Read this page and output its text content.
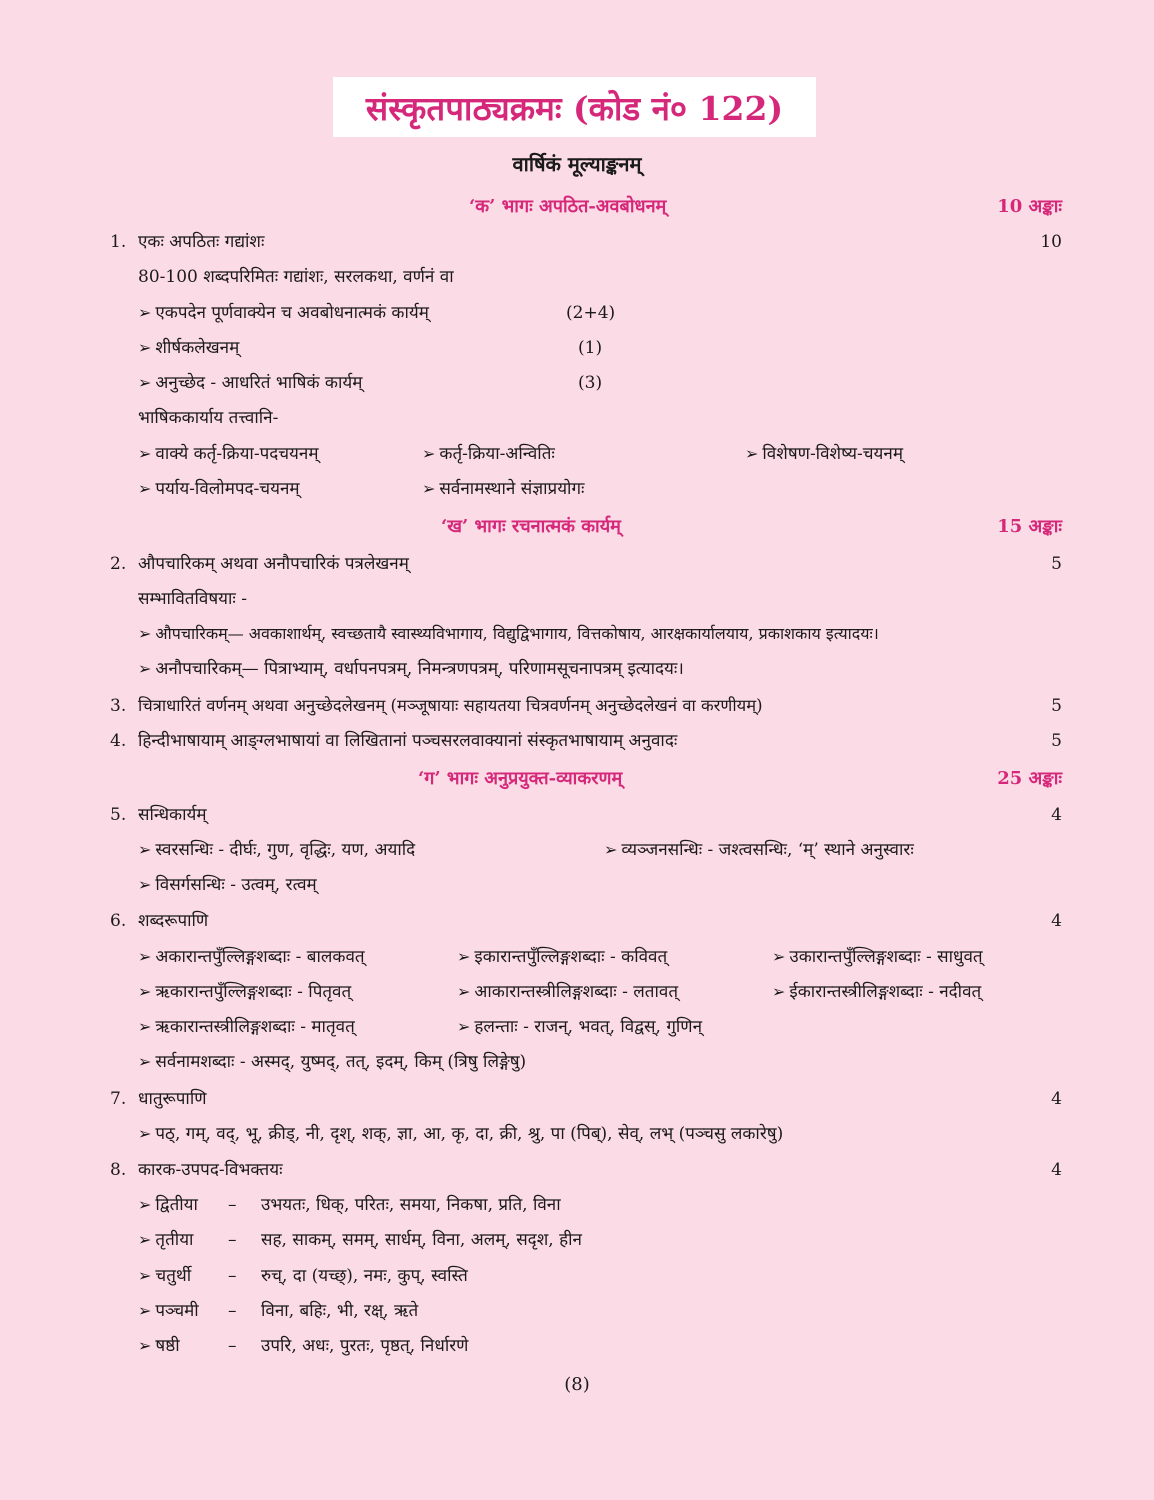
संस्कृतपाठ्यक्रमः (कोड नं० 122)
वार्षिकं मूल्याङ्कनम्
‘क’ भागः अपठित-अवबोधनम्	10 अङ्काः
1. एकः अपठितः गद्यांशः	10
80-100 शब्दपरिमितः गद्यांशः, सरलकथा, वर्णनं वा
➢ एकपदेन पूर्णवाक्येन च अवबोधनात्मकं कार्यम्	(2+4)
➢ शीर्षकलेखनम्	(1)
➢ अनुच्छेद - आधरितं भाषिकं कार्यम्	(3)
भाषिककार्याय तत्त्वानि-
➢ वाक्ये कर्तृ-क्रिया-पदचयनम्	➢ कर्तृ-क्रिया-अन्वितिः	➢ विशेषण-विशेष्य-चयनम्
➢ पर्याय-विलोमपद-चयनम्	➢ सर्वनामस्थाने संज्ञाप्रयोगः
‘ख’ भागः रचनात्मकं कार्यम्	15 अङ्काः
2. औपचारिकम् अथवा अनौपचारिकं पत्रलेखनम्	5
सम्भावितविषयाः -
➢ औपचारिकम्— अवकाशार्थम्, स्वच्छतायै स्वास्थ्यविभागाय, विद्युद्विभागाय, वित्तकोषाय, आरक्षकार्यालयाय, प्रकाशकाय इत्यादयः।
➢ अनौपचारिकम्— पित्राभ्याम्, वर्धापनपत्रम्, निमन्त्रणपत्रम्, परिणामसूचनापत्रम् इत्यादयः।
3. चित्राधारितं वर्णनम् अथवा अनुच्छेदलेखनम् (मञ्जूषायाः सहायतया चित्रवर्णनम् अनुच्छेदलेखनं वा करणीयम्)	5
4. हिन्दीभाषायाम् आङ्ग्लभाषायां वा लिखितानां पञ्चसरलवाक्यानां संस्कृतभाषायाम् अनुवादः	5
‘ग’ भागः अनुप्रयुक्त-व्याकरणम्	25 अङ्काः
5. सन्धिकार्यम्	4
➢ स्वरसन्धिः - दीर्घः, गुण, वृद्धिः, यण, अयादि	➢ व्यञ्जनसन्धिः - जश्त्वसन्धिः, ‘म्’ स्थाने अनुस्वारः
➢ विसर्गसन्धिः - उत्वम्, रत्वम्
6. शब्दरूपाणि	4
➢ अकारान्तपुँल्लिङ्गशब्दाः - बालकवत्	➢ इकारान्तपुँल्लिङ्गशब्दाः - कविवत्	➢ उकारान्तपुँल्लिङ्गशब्दाः - साधुवत्
➢ ऋकारान्तपुँल्लिङ्गशब्दाः - पितृवत्	➢ आकारान्तस्त्रीलिङ्गशब्दाः - लतावत्	➢ ईकारान्तस्त्रीलिङ्गशब्दाः - नदीवत्
➢ ऋकारान्तस्त्रीलिङ्गशब्दाः - मातृवत्	➢ हलन्ताः - राजन्, भवत्, विद्वस्, गुणिन्
➢ सर्वनामशब्दाः - अस्मद्, युष्मद्, तत्, इदम्, किम् (त्रिषु लिङ्गेषु)
7. धातुरूपाणि	4
➢ पठ्, गम्, वद्, भू, क्रीड्, नी, दृश्, शक्, ज्ञा, आ, कृ, दा, क्री, श्रु, पा (पिब्), सेव्, लभ् (पञ्चसु लकारेषु)
8. कारक-उपपद-विभक्तयः	4
➢ द्वितीया – उभयतः, धिक्, परितः, समया, निकषा, प्रति, विना
➢ तृतीया – सह, साकम्, समम्, सार्धम्, विना, अलम्, सदृश, हीन
➢ चतुर्थी – रुच्, दा (यच्छ्), नमः, कुप्, स्वस्ति
➢ पञ्चमी – विना, बहिः, भी, रक्ष्, ऋते
➢ षष्ठी	– उपरि, अधः, पुरतः, पृष्ठत्, निर्धारणे
(8)
